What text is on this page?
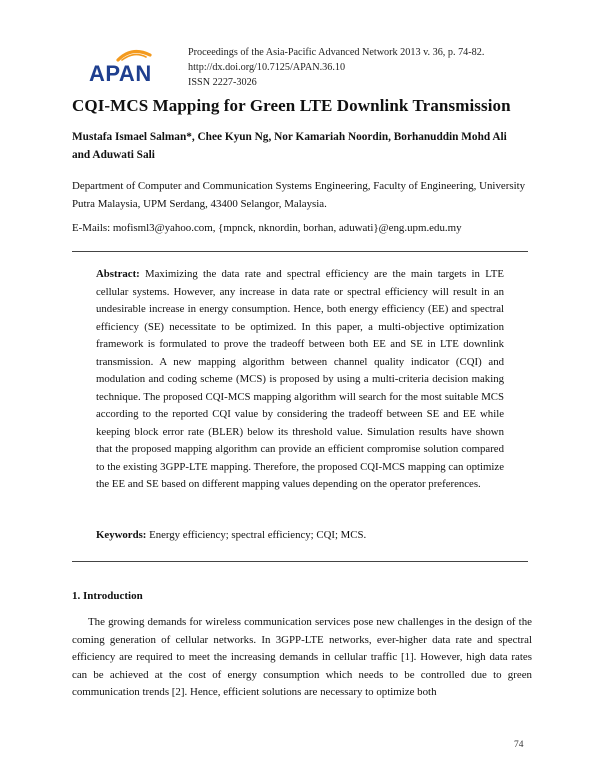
APAN
Proceedings of the Asia-Pacific Advanced Network 2013 v. 36, p. 74-82.
http://dx.doi.org/10.7125/APAN.36.10
ISSN 2227-3026
CQI-MCS Mapping for Green LTE Downlink Transmission
Mustafa Ismael Salman*, Chee Kyun Ng, Nor Kamariah Noordin, Borhanuddin Mohd Ali
and Aduwati Sali
Department of Computer and Communication Systems Engineering, Faculty of Engineering, University Putra Malaysia, UPM Serdang, 43400 Selangor, Malaysia.
E-Mails: mofisml3@yahoo.com, {mpnck, nknordin, borhan, aduwati}@eng.upm.edu.my
Abstract: Maximizing the data rate and spectral efficiency are the main targets in LTE cellular systems. However, any increase in data rate or spectral efficiency will result in an undesirable increase in energy consumption. Hence, both energy efficiency (EE) and spectral efficiency (SE) necessitate to be optimized. In this paper, a multi-objective optimization framework is formulated to prove the tradeoff between both EE and SE in LTE downlink transmission. A new mapping algorithm between channel quality indicator (CQI) and modulation and coding scheme (MCS) is proposed by using a multi-criteria decision making technique. The proposed CQI-MCS mapping algorithm will search for the most suitable MCS according to the reported CQI value by considering the tradeoff between SE and EE while keeping block error rate (BLER) below its threshold value. Simulation results have shown that the proposed mapping algorithm can provide an efficient compromise solution compared to the existing 3GPP-LTE mapping. Therefore, the proposed CQI-MCS mapping can optimize the EE and SE based on different mapping values depending on the operator preferences.
Keywords: Energy efficiency; spectral efficiency; CQI; MCS.
1. Introduction
The growing demands for wireless communication services pose new challenges in the design of the coming generation of cellular networks. In 3GPP-LTE networks, ever-higher data rate and spectral efficiency are required to meet the increasing demands in cellular traffic [1]. However, high data rates can be achieved at the cost of energy consumption which needs to be controlled due to green communication trends [2]. Hence, efficient solutions are necessary to optimize both
74
